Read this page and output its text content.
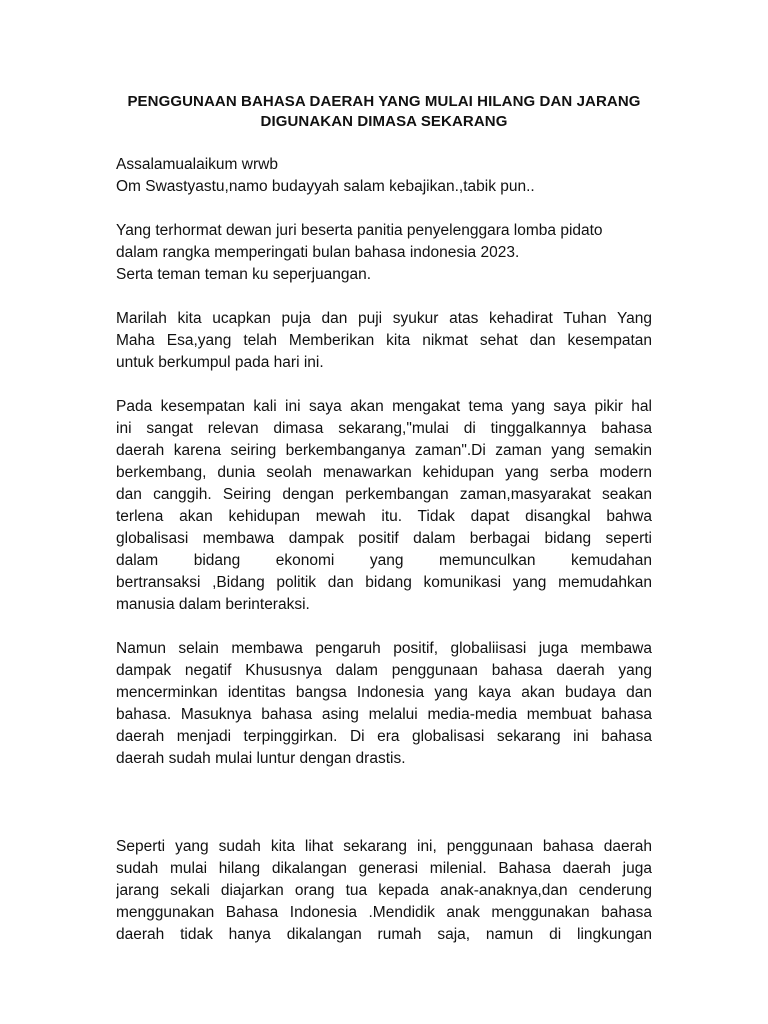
PENGGUNAAN BAHASA DAERAH YANG MULAI HILANG DAN JARANG
DIGUNAKAN DIMASA SEKARANG
Assalamualaikum wrwb
Om Swastyastu,namo budayyah salam kebajikan.,tabik pun..
Yang terhormat dewan juri beserta panitia penyelenggara lomba pidato
dalam rangka memperingati bulan bahasa indonesia 2023.
Serta teman teman ku seperjuangan.
Marilah kita ucapkan puja dan puji syukur atas kehadirat Tuhan Yang
Maha Esa,yang telah Memberikan kita nikmat sehat dan kesempatan
untuk berkumpul pada hari ini.
Pada kesempatan kali ini saya akan mengakat tema yang saya pikir hal
ini sangat relevan dimasa sekarang,"mulai di tinggalkannya bahasa
daerah karena seiring berkembanganya zaman".Di zaman yang semakin
berkembang, dunia seolah menawarkan kehidupan yang serba modern
dan canggih. Seiring dengan perkembangan zaman,masyarakat seakan
terlena akan kehidupan mewah itu. Tidak dapat disangkal bahwa
globalisasi membawa dampak positif dalam berbagai bidang seperti
dalam bidang ekonomi yang memunculkan kemudahan
bertransaksi ,Bidang politik dan bidang komunikasi yang memudahkan
manusia dalam berinteraksi.
Namun selain membawa pengaruh positif, globaliisasi juga membawa
dampak negatif Khususnya dalam penggunaan bahasa daerah yang
mencerminkan identitas bangsa Indonesia yang kaya akan budaya dan
bahasa. Masuknya bahasa asing melalui media-media membuat bahasa
daerah menjadi terpinggirkan. Di era globalisasi sekarang ini bahasa
daerah sudah mulai luntur dengan drastis.
Seperti yang sudah kita lihat sekarang ini, penggunaan bahasa daerah
sudah mulai hilang dikalangan generasi milenial. Bahasa daerah juga
jarang sekali diajarkan orang tua kepada anak-anaknya,dan cenderung
menggunakan Bahasa Indonesia .Mendidik anak menggunakan bahasa
daerah tidak hanya dikalangan rumah saja, namun di lingkungan
